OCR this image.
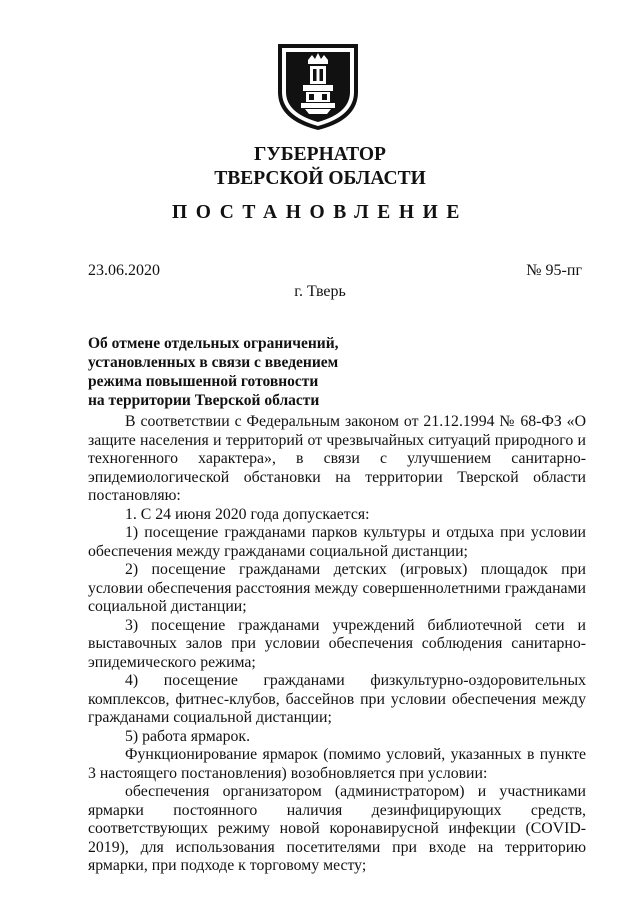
ГУБЕРНАТОР
ТВЕРСКОЙ ОБЛАСТИ
ПОСТАНОВЛЕНИЕ
23.06.2020	№ 95-пг
г. Тверь
Об отмене отдельных ограничений,
установленных в связи с введением
режима повышенной готовности
на территории Тверской области

В соответствии с Федеральным законом от 21.12.1994 № 68-ФЗ «О защите населения и территорий от чрезвычайных ситуаций природного и техногенного характера», в связи с улучшением санитарно-эпидемиологической обстановки на территории Тверской области постановляю:

1. С 24 июня 2020 года допускается:

1) посещение гражданами парков культуры и отдыха при условии обеспечения между гражданами социальной дистанции;

2) посещение гражданами детских (игровых) площадок при условии обеспечения расстояния между совершеннолетними гражданами социальной дистанции;

3) посещение гражданами учреждений библиотечной сети и выставочных залов при условии обеспечения соблюдения санитарно-эпидемического режима;

4) посещение гражданами физкультурно-оздоровительных комплексов, фитнес-клубов, бассейнов при условии обеспечения между гражданами социальной дистанции;

5) работа ярмарок.

Функционирование ярмарок (помимо условий, указанных в пункте 3 настоящего постановления) возобновляется при условии:

обеспечения организатором (администратором) и участниками ярмарки постоянного наличия дезинфицирующих средств, соответствующих режиму новой коронавирусной инфекции (COVID-2019), для использования посетителями при входе на территорию ярмарки, при подходе к торговому месту;
